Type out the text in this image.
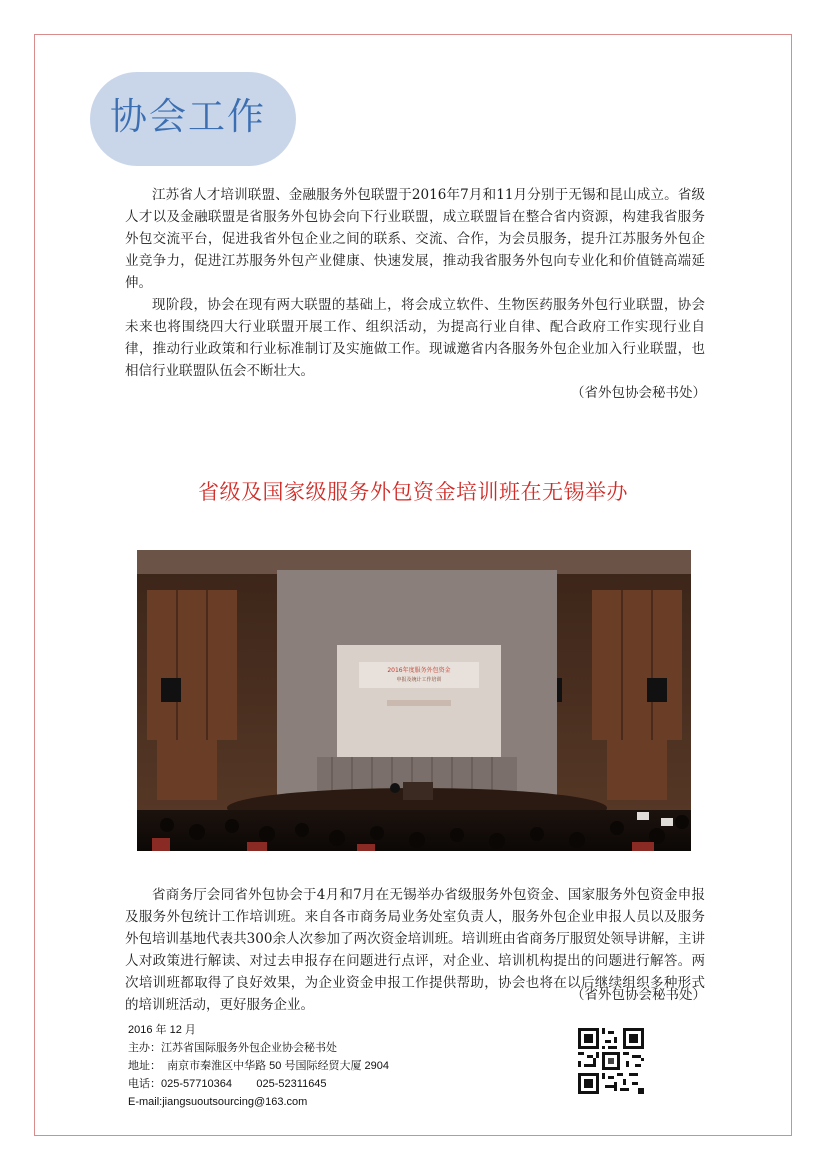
协会工作

江苏省人才培训联盟、金融服务外包联盟于2016年7月和11月分别于无锡和昆山成立。省级人才以及金融联盟是省服务外包协会向下行业联盟，成立联盟旨在整合省内资源，构建我省服务外包交流平台，促进我省外包企业之间的联系、交流、合作，为会员服务，提升江苏服务外包企业竞争力，促进江苏服务外包产业健康、快速发展，推动我省服务外包向专业化和价值链高端延伸。

现阶段，协会在现有两大联盟的基础上，将会成立软件、生物医药服务外包行业联盟，协会未来也将围绕四大行业联盟开展工作、组织活动，为提高行业自律、配合政府工作实现行业自律，推动行业政策和行业标准制订及实施做工作。现诚邀省内各服务外包企业加入行业联盟，也相信行业联盟队伍会不断壮大。

（省外包协会秘书处）
省级及国家级服务外包资金培训班在无锡举办
2016年度服务外包资金
申报及统计工作培训

省商务厅会同省外包协会于4月和7月在无锡举办省级服务外包资金、国家服务外包资金申报及服务外包统计工作培训班。来自各市商务局业务处室负责人，服务外包企业申报人员以及服务外包培训基地代表共300余人次参加了两次资金培训班。培训班由省商务厅服贸处领导讲解，主讲人对政策进行解读、对过去申报存在问题进行点评，对企业、培训机构提出的问题进行解答。两次培训班都取得了良好效果，为企业资金申报工作提供帮助，协会也将在以后继续组织多种形式的培训班活动，更好服务企业。

（省外包协会秘书处）
2016 年 12 月
主办：江苏省国际服务外包企业协会秘书处
地址：  南京市秦淮区中华路 50 号国际经贸大厦 2904
电话：025-57710364        025-52311645
E-mail:jiangsuoutsourcing@163.com
